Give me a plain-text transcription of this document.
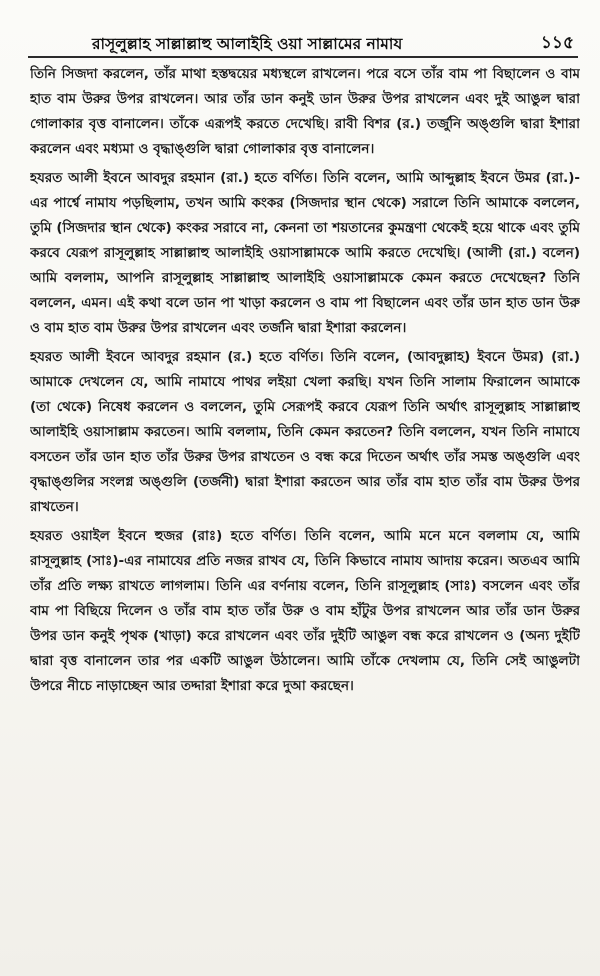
রাসূলুল্লাহ সাল্লাল্লাহু আলাইহি ওয়া সাল্লামের নামায	১১৫

তিনি সিজদা করলেন, তাঁর মাথা হস্তদ্বয়ের মধ্যস্থলে রাখলেন। পরে বসে তাঁর বাম পা বিছালেন ও বাম হাত বাম উরুর উপর রাখলেন। আর তাঁর ডান কনুই ডান উরুর উপর রাখলেন এবং দুই আঙুল দ্বারা গোলাকার বৃত্ত বানালেন। তাঁকে এরূপই করতে দেখেছি। রাবী বিশর (র.) তর্জুনি অঙ্গুলি দ্বারা ইশারা করলেন এবং মধ্যমা ও বৃদ্ধাঙ্গুলি দ্বারা গোলাকার বৃত্ত বানালেন।

হযরত আলী ইবনে আবদুর রহমান (রা.) হতে বর্ণিত। তিনি বলেন, আমি আব্দুল্লাহ ইবনে উমর (রা.)-এর পার্শ্বে নামায পড়ছিলাম, তখন আমি কংকর (সিজদার স্থান থেকে) সরালে তিনি আমাকে বললেন, তুমি (সিজদার স্থান থেকে) কংকর সরাবে না, কেননা তা শয়তানের কুমন্ত্রণা থেকেই হয়ে থাকে এবং তুমি করবে যেরূপ রাসূলুল্লাহ সাল্লাল্লাহু আলাইহি ওয়াসাল্লামকে আমি করতে দেখেছি। (আলী (রা.) বলেন) আমি বললাম, আপনি রাসূলুল্লাহ সাল্লাল্লাহু আলাইহি ওয়াসাল্লামকে কেমন করতে দেখেছেন? তিনি বললেন, এমন। এই কথা বলে ডান পা খাড়া করলেন ও বাম পা বিছালেন এবং তাঁর ডান হাত ডান উরু ও বাম হাত বাম উরুর উপর রাখলেন এবং তর্জনি দ্বারা ইশারা করলেন।

হযরত আলী ইবনে আবদুর রহমান (র.) হতে বর্ণিত। তিনি বলেন, (আবদুল্লাহ) ইবনে উমর) (রা.) আমাকে দেখলেন যে, আমি নামাযে পাথর লইয়া খেলা করছি। যখন তিনি সালাম ফিরালেন আমাকে (তা থেকে) নিষেধ করলেন ও বললেন, তুমি সেরূপই করবে যেরূপ তিনি অর্থাৎ রাসূলুল্লাহ সাল্লাল্লাহু আলাইহি ওয়াসাল্লাম করতেন। আমি বললাম, তিনি কেমন করতেন? তিনি বললেন, যখন তিনি নামাযে বসতেন তাঁর ডান হাত তাঁর উরুর উপর রাখতেন ও বন্ধ করে দিতেন অর্থাৎ তাঁর সমস্ত অঙ্গুলি এবং বৃদ্ধাঙ্গুলির সংলগ্ন অঙ্গুলি (তর্জনী) দ্বারা ইশারা করতেন আর তাঁর বাম হাত তাঁর বাম উরুর উপর রাখতেন।

হযরত ওয়াইল ইবনে হুজর (রাঃ) হতে বর্ণিত। তিনি বলেন, আমি মনে মনে বললাম যে, আমি রাসূলুল্লাহ (সাঃ)-এর নামাযের প্রতি নজর রাখব যে, তিনি কিভাবে নামায আদায় করেন। অতএব আমি তাঁর প্রতি লক্ষ্য রাখতে লাগলাম। তিনি এর বর্ণনায় বলেন, তিনি রাসূলুল্লাহ (সাঃ) বসলেন এবং তাঁর বাম পা বিছিয়ে দিলেন ও তাঁর বাম হাত তাঁর উরু ও বাম হাঁটুর উপর রাখলেন আর তাঁর ডান উরুর উপর ডান কনুই পৃথক (খাড়া) করে রাখলেন এবং তাঁর দুইটি আঙুল বন্ধ করে রাখলেন ও (অন্য দুইটি দ্বারা বৃত্ত বানালেন তার পর একটি আঙুল উঠালেন। আমি তাঁকে দেখলাম যে, তিনি সেই আঙুলটা উপরে নীচে নাড়াচ্ছেন আর তদ্দারা ইশারা করে দুআ করছেন।
